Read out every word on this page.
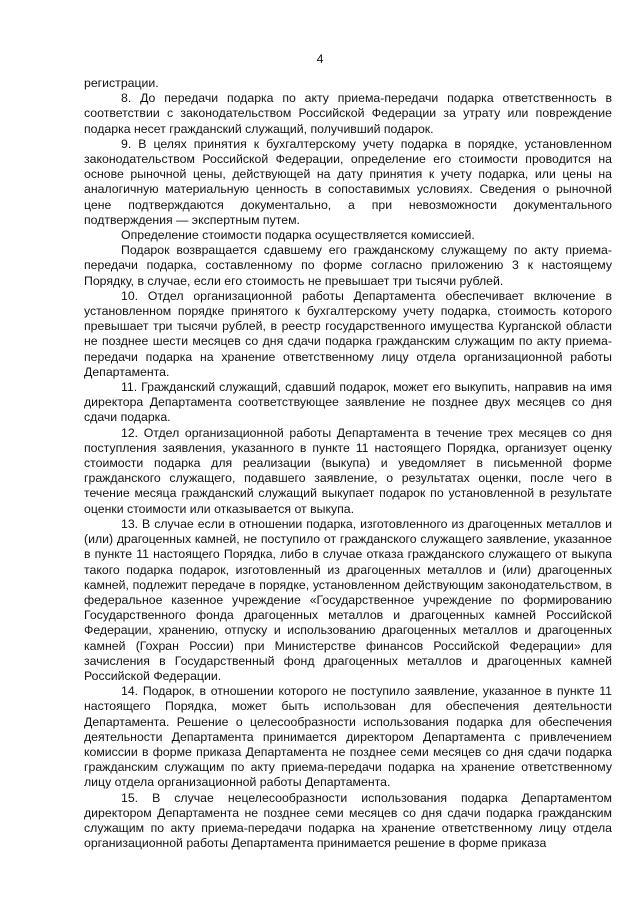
4

регистрации.

8. До передачи подарка по акту приема-передачи подарка ответственность в соответствии с законодательством Российской Федерации за утрату или повреждение подарка несет гражданский служащий, получивший подарок.

9. В целях принятия к бухгалтерскому учету подарка в порядке, установленном законодательством Российской Федерации, определение его стоимости проводится на основе рыночной цены, действующей на дату принятия к учету подарка, или цены на аналогичную материальную ценность в сопоставимых условиях. Сведения о рыночной цене подтверждаются документально, а при невозможности документального подтверждения — экспертным путем.

Определение стоимости подарка осуществляется комиссией.

Подарок возвращается сдавшему его гражданскому служащему по акту приема-передачи подарка, составленному по форме согласно приложению 3 к настоящему Порядку, в случае, если его стоимость не превышает три тысячи рублей.

10. Отдел организационной работы Департамента обеспечивает включение в установленном порядке принятого к бухгалтерскому учету подарка, стоимость которого превышает три тысячи рублей, в реестр государственного имущества Курганской области не позднее шести месяцев со дня сдачи подарка гражданским служащим по акту приема-передачи подарка на хранение ответственному лицу отдела организационной работы Департамента.

11. Гражданский служащий, сдавший подарок, может его выкупить, направив на имя директора Департамента соответствующее заявление не позднее двух месяцев со дня сдачи подарка.

12. Отдел организационной работы Департамента в течение трех месяцев со дня поступления заявления, указанного в пункте 11 настоящего Порядка, организует оценку стоимости подарка для реализации (выкупа) и уведомляет в письменной форме гражданского служащего, подавшего заявление, о результатах оценки, после чего в течение месяца гражданский служащий выкупает подарок по установленной в результате оценки стоимости или отказывается от выкупа.

13. В случае если в отношении подарка, изготовленного из драгоценных металлов и (или) драгоценных камней, не поступило от гражданского служащего заявление, указанное в пункте 11 настоящего Порядка, либо в случае отказа гражданского служащего от выкупа такого подарка подарок, изготовленный из драгоценных металлов и (или) драгоценных камней, подлежит передаче в порядке, установленном действующим законодательством, в федеральное казенное учреждение «Государственное учреждение по формированию Государственного фонда драгоценных металлов и драгоценных камней Российской Федерации, хранению, отпуску и использованию драгоценных металлов и драгоценных камней (Гохран России) при Министерстве финансов Российской Федерации» для зачисления в Государственный фонд драгоценных металлов и драгоценных камней Российской Федерации.

14. Подарок, в отношении которого не поступило заявление, указанное в пункте 11 настоящего Порядка, может быть использован для обеспечения деятельности Департамента. Решение о целесообразности использования подарка для обеспечения деятельности Департамента принимается директором Департамента с привлечением комиссии в форме приказа Департамента не позднее семи месяцев со дня сдачи подарка гражданским служащим по акту приема-передачи подарка на хранение ответственному лицу отдела организационной работы Департамента.

15. В случае нецелесообразности использования подарка Департаментом директором Департамента не позднее семи месяцев со дня сдачи подарка гражданским служащим по акту приема-передачи подарка на хранение ответственному лицу отдела организационной работы Департамента принимается решение в форме приказа
